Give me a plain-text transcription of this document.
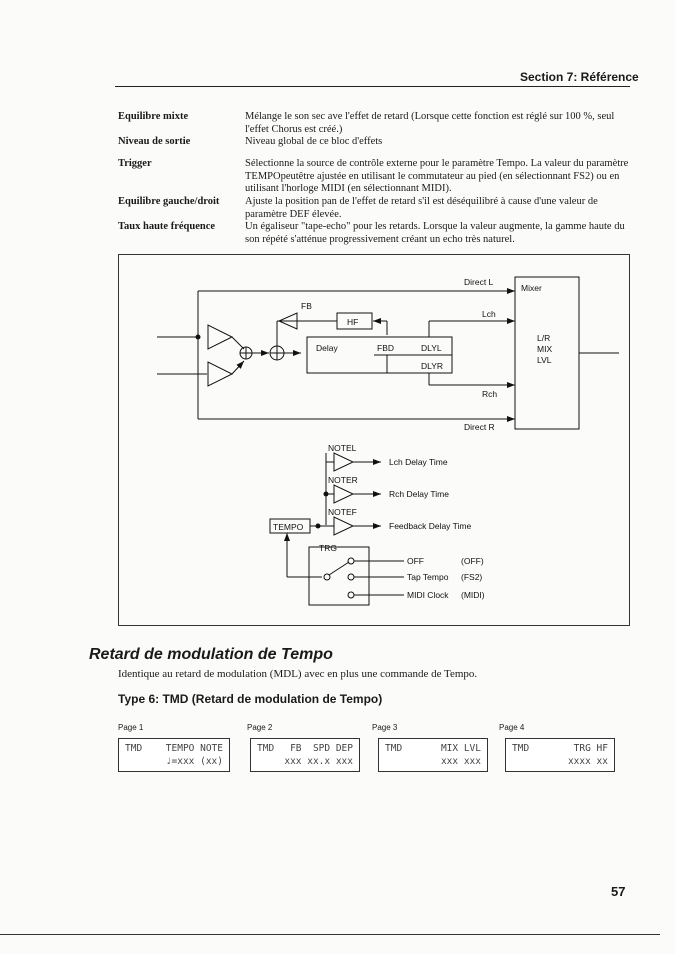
Section 7: Référence
Equilibre mixte	Mélange le son sec ave l'effet de retard (Lorsque cette fonction est réglé sur 100 %, seul l'effet Chorus est créé.)
Niveau de sortie	Niveau global de ce bloc d'effets
Trigger	Sélectionne la source de contrôle externe pour le paramètre Tempo. La valeur du paramètre TEMPOpeutêtre ajustée en utilisant le commutateur au pied (en sélectionnant FS2) ou en utilisant l'horloge MIDI (en sélectionnant MIDI).
Equilibre gauche/droit	Ajuste la position pan de l'effet de retard s'il est déséquilibré à cause d'une valeur de paramètre DEF élevée.
Taux haute fréquence	Un égaliseur "tape-echo" pour les retards. Lorsque la valeur augmente, la gamme haute du son répété s'atténue progressivement créant un echo très naturel.
Direct L
Direct R
Mixer
L/R
MIX
LVL
FB
HF
Lch
Rch
Delay	FBD	DLYL
DLYR
NOTEL
NOTER
NOTEF
Lch Delay Time
Rch Delay Time
Feedback Delay Time
TEMPO
TRG
OFF	(OFF)
Tap Tempo (FS2)
MIDI Clock (MIDI)
Retard de modulation de Tempo
Identique au retard de modulation (MDL) avec en plus une commande de Tempo.
Type 6: TMD (Retard de modulation de Tempo)
Page 1	Page 2	Page 3	Page 4
TMD TEMPO NOTE
♩=xxx (xx)
TMD FB  SPD DEP
xxx xx.x xxx
TMD	MIX LVL
xxx xxx
TMD	TRG HF
xxxx xx
57
